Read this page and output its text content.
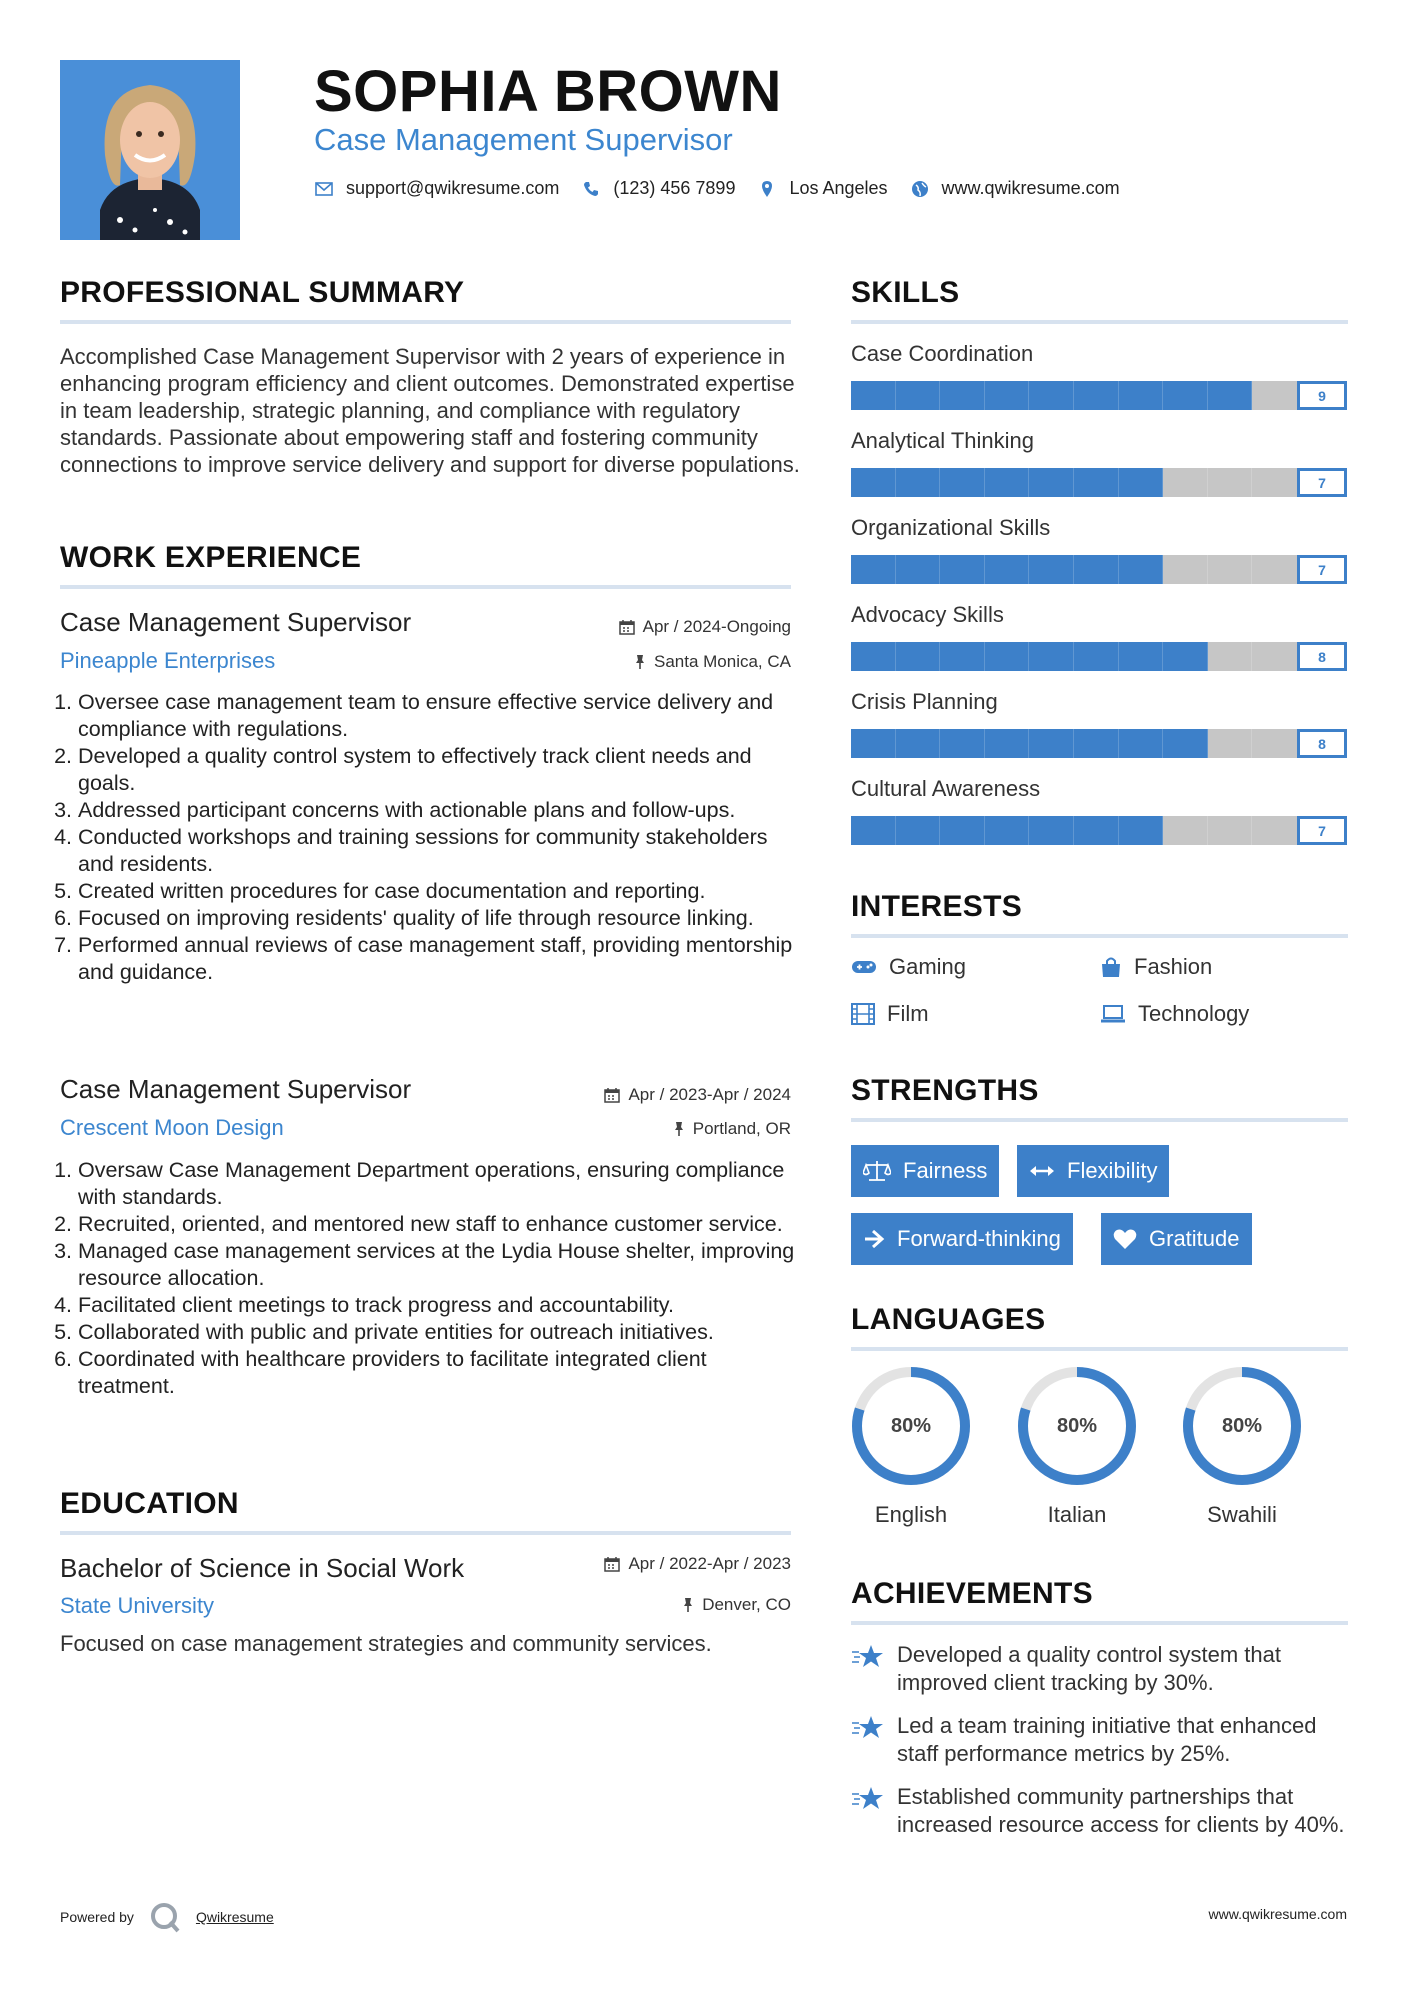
SOPHIA BROWN
Case Management Supervisor
support@qwikresume.com	(123) 456 7899	Los Angeles	www.qwikresume.com
PROFESSIONAL SUMMARY
Accomplished Case Management Supervisor with 2 years of experience in enhancing program efficiency and client outcomes. Demonstrated expertise in team leadership, strategic planning, and compliance with regulatory standards. Passionate about empowering staff and fostering community connections to improve service delivery and support for diverse populations.
WORK EXPERIENCE
Case Management Supervisor
Pineapple Enterprises
Apr / 2024-Ongoing
Santa Monica, CA
1. Oversee case management team to ensure effective service delivery and compliance with regulations.
2. Developed a quality control system to effectively track client needs and goals.
3. Addressed participant concerns with actionable plans and follow-ups.
4. Conducted workshops and training sessions for community stakeholders and residents.
5. Created written procedures for case documentation and reporting.
6. Focused on improving residents' quality of life through resource linking.
7. Performed annual reviews of case management staff, providing mentorship and guidance.
Case Management Supervisor
Crescent Moon Design
Apr / 2023-Apr / 2024
Portland, OR
1. Oversaw Case Management Department operations, ensuring compliance with standards.
2. Recruited, oriented, and mentored new staff to enhance customer service.
3. Managed case management services at the Lydia House shelter, improving resource allocation.
4. Facilitated client meetings to track progress and accountability.
5. Collaborated with public and private entities for outreach initiatives.
6. Coordinated with healthcare providers to facilitate integrated client treatment.
EDUCATION
Bachelor of Science in Social Work
State University
Apr / 2022-Apr / 2023
Denver, CO
Focused on case management strategies and community services.
SKILLS
Case Coordination
9
Analytical Thinking
7
Organizational Skills
7
Advocacy Skills
8
Crisis Planning
8
Cultural Awareness
7
INTERESTS
Gaming	Fashion
Film	Technology
STRENGTHS
Fairness	Flexibility
Forward-thinking	Gratitude
LANGUAGES
80%
English
80%
Italian
80%
Swahili
ACHIEVEMENTS
Developed a quality control system that improved client tracking by 30%.
Led a team training initiative that enhanced staff performance metrics by 25%.
Established community partnerships that increased resource access for clients by 40%.
Powered by	Qwikresume	www.qwikresume.com
